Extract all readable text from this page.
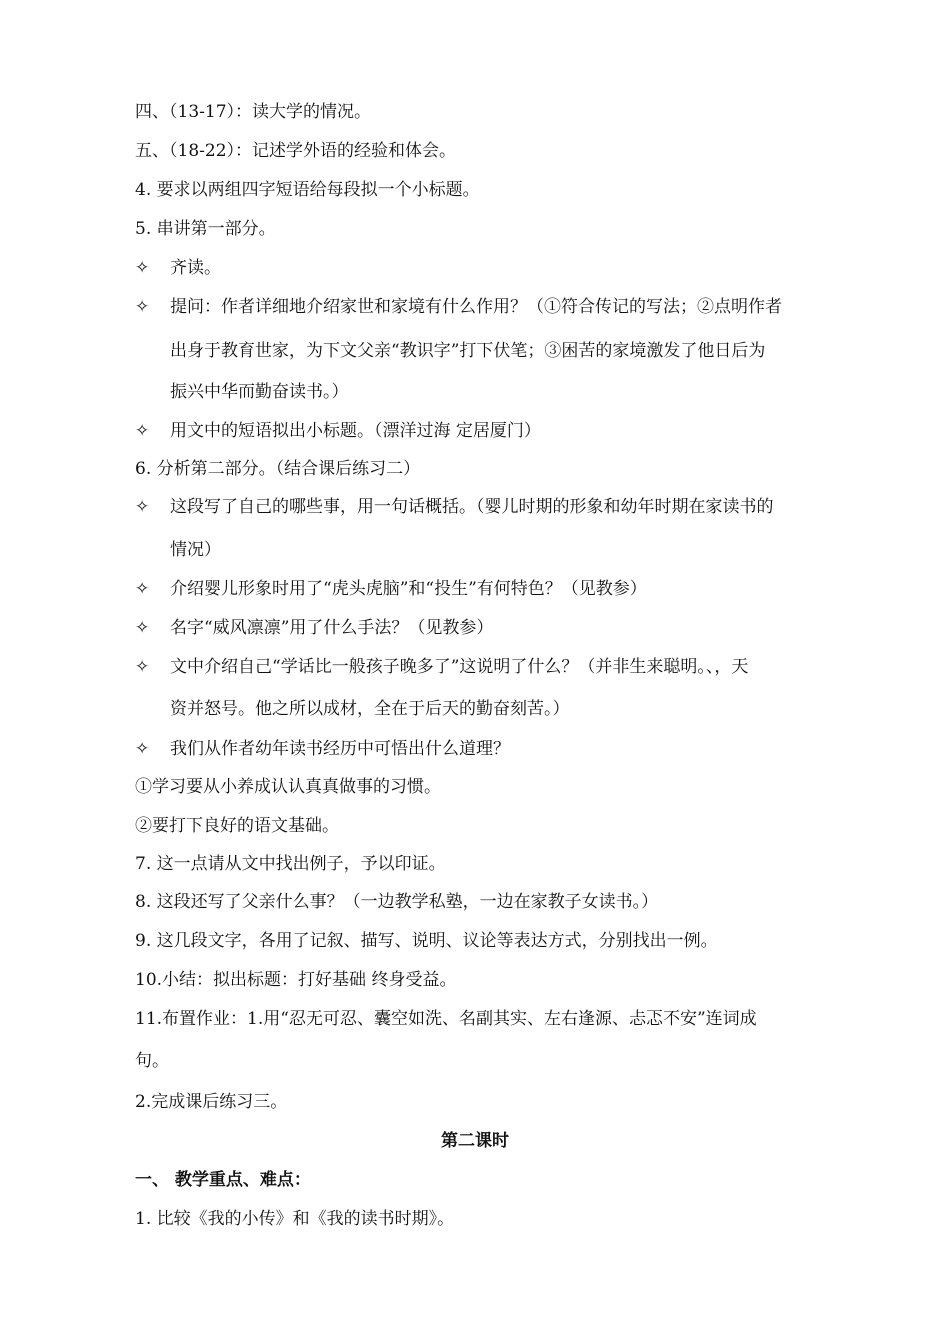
四、（13-17）：读大学的情况。
五、（18-22）：记述学外语的经验和体会。
4. 要求以两组四字短语给每段拟一个小标题。
5. 串讲第一部分。
✧ 齐读。
✧ 提问：作者详细地介绍家世和家境有什么作用？（①符合传记的写法；②点明作者
出身于教育世家，为下文父亲“教识字”打下伏笔；③困苦的家境激发了他日后为
振兴中华而勤奋读书。）
✧ 用文中的短语拟出小标题。（漂洋过海 定居厦门）
6. 分析第二部分。（结合课后练习二）
✧ 这段写了自己的哪些事，用一句话概括。（婴儿时期的形象和幼年时期在家读书的
情况）
✧ 介绍婴儿形象时用了“虎头虎脑”和“投生”有何特色？（见教参）
✧ 名字“威风凛凛”用了什么手法？（见教参）
✧ 文中介绍自己“学话比一般孩子晚多了”这说明了什么？（并非生来聪明。、，天
资并怒号。他之所以成材，全在于后天的勤奋刻苦。）
✧ 我们从作者幼年读书经历中可悟出什么道理？
①学习要从小养成认认真真做事的习惯。
②要打下良好的语文基础。
7. 这一点请从文中找出例子，予以印证。
8. 这段还写了父亲什么事？（一边教学私塾，一边在家教子女读书。）
9. 这几段文字，各用了记叙、描写、说明、议论等表达方式，分别找出一例。
10.小结：拟出标题：打好基础 终身受益。
11.布置作业：1.用“忍无可忍、囊空如洗、名副其实、左右逢源、忐忑不安”连词成
句。
2.完成课后练习三。
第二课时
一、 教学重点、难点：
1. 比较《我的小传》和《我的读书时期》。
